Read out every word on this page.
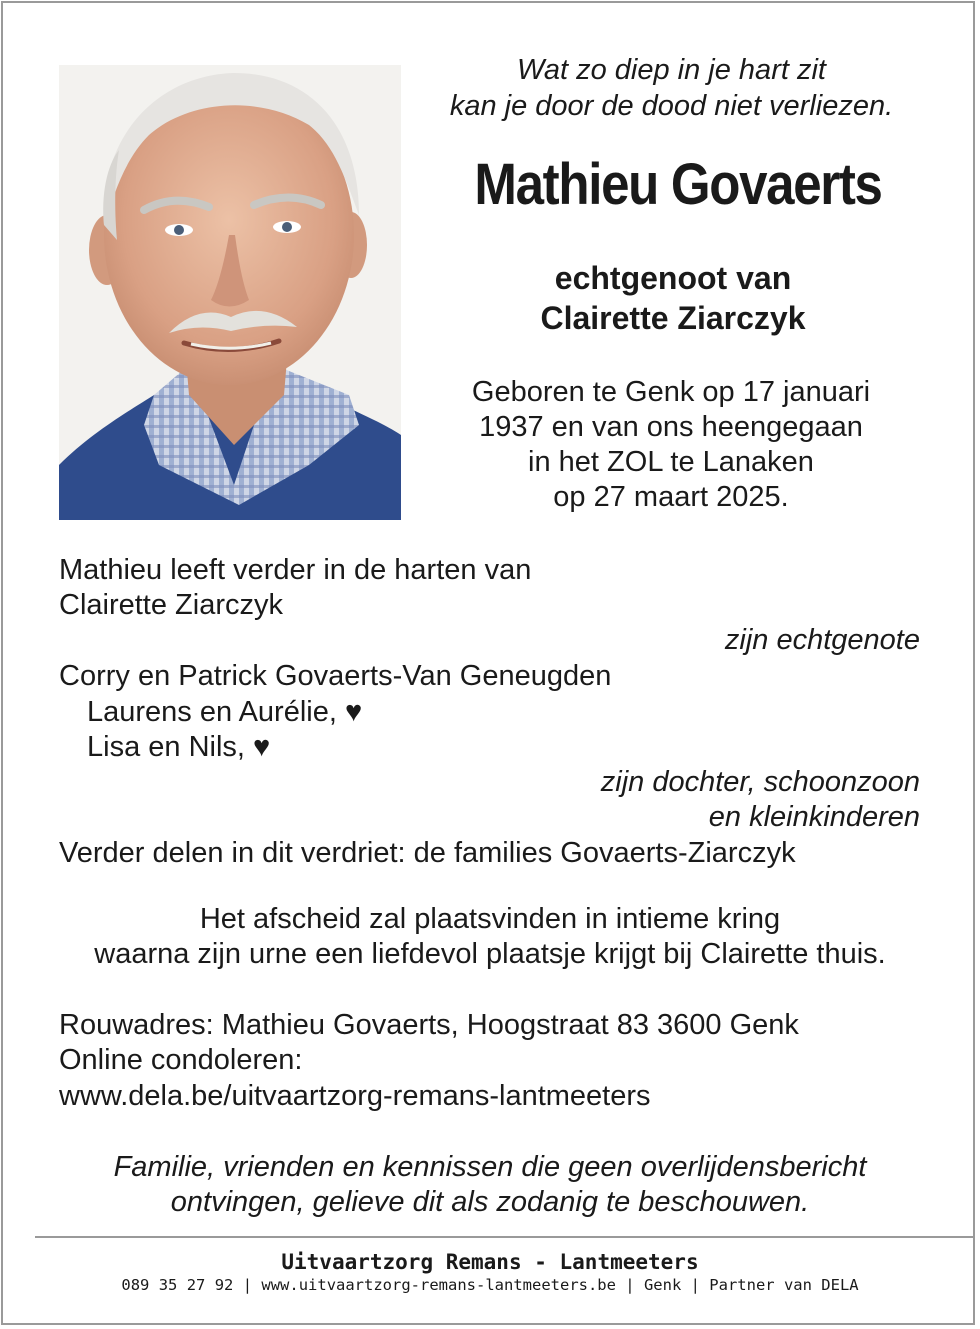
Wat zo diep in je hart zit
kan je door de dood niet verliezen.
Mathieu Govaerts
echtgenoot van
Clairette Ziarczyk
Geboren te Genk op 17 januari
1937 en van ons heengegaan
in het ZOL te Lanaken
op 27 maart 2025.
Mathieu leeft verder in de harten van
Clairette Ziarczyk
zijn echtgenote
Corry en Patrick Govaerts-Van Geneugden
Laurens en Aurélie, ♥
Lisa en Nils, ♥
zijn dochter, schoonzoon
en kleinkinderen
Verder delen in dit verdriet: de families Govaerts-Ziarczyk
Het afscheid zal plaatsvinden in intieme kring
waarna zijn urne een liefdevol plaatsje krijgt bij Clairette thuis.
Rouwadres: Mathieu Govaerts, Hoogstraat 83 3600 Genk
Online condoleren:
www.dela.be/uitvaartzorg-remans-lantmeeters
Familie, vrienden en kennissen die geen overlijdensbericht
ontvingen, gelieve dit als zodanig te beschouwen.
Uitvaartzorg Remans - Lantmeeters
089 35 27 92 | www.uitvaartzorg-remans-lantmeeters.be | Genk | Partner van DELA
